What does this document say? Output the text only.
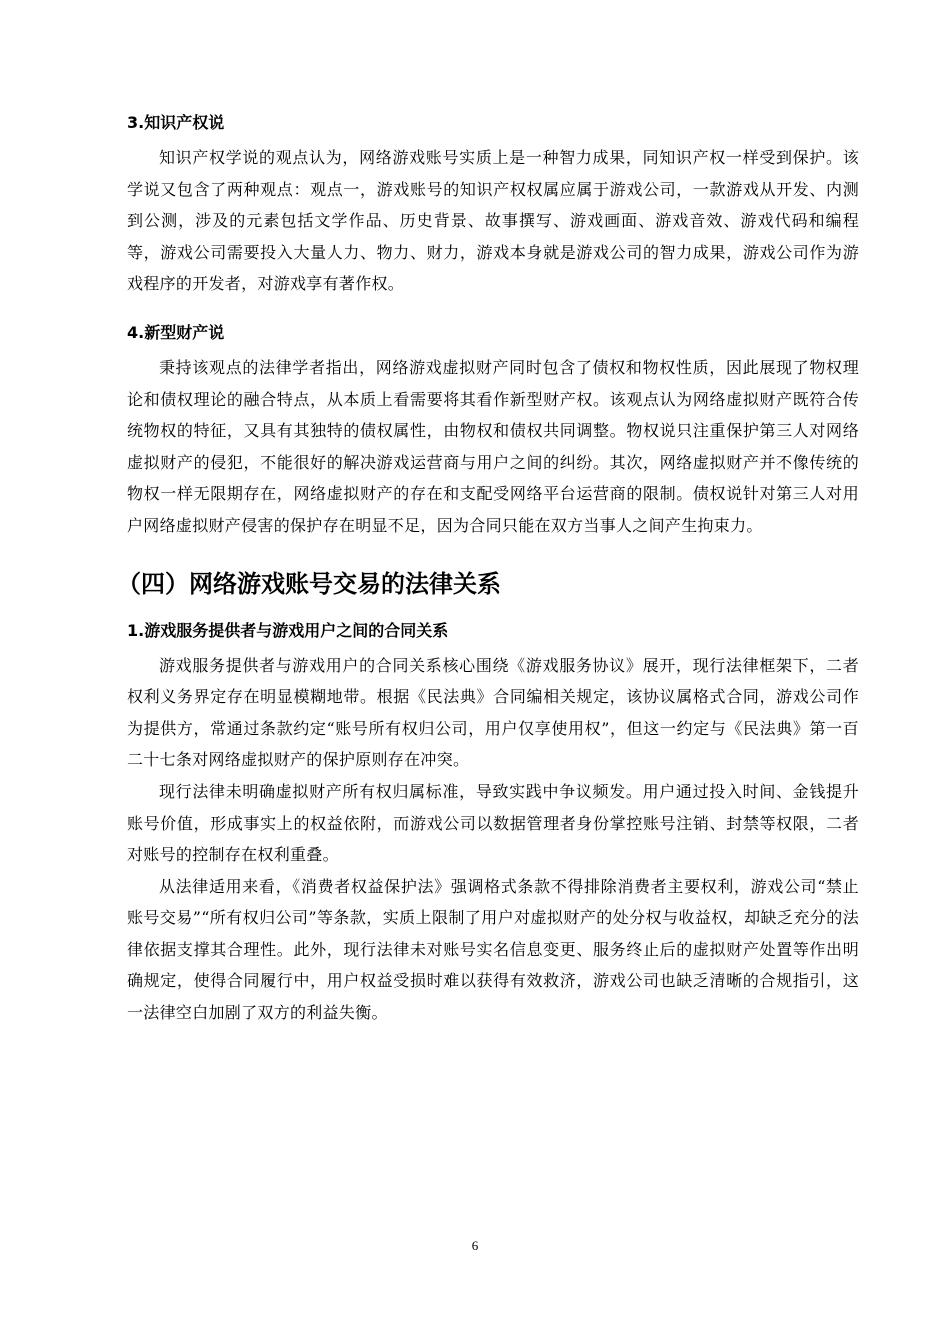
3.知识产权说

知识产权学说的观点认为，网络游戏账号实质上是一种智力成果，同知识产权一样受到保护。该学说又包含了两种观点：观点一，游戏账号的知识产权权属应属于游戏公司，一款游戏从开发、内测到公测，涉及的元素包括文学作品、历史背景、故事撰写、游戏画面、游戏音效、游戏代码和编程等，游戏公司需要投入大量人力、物力、财力，游戏本身就是游戏公司的智力成果，游戏公司作为游戏程序的开发者，对游戏享有著作权。

4.新型财产说

秉持该观点的法律学者指出，网络游戏虚拟财产同时包含了债权和物权性质，因此展现了物权理论和债权理论的融合特点，从本质上看需要将其看作新型财产权。该观点认为网络虚拟财产既符合传统物权的特征，又具有其独特的债权属性，由物权和债权共同调整。物权说只注重保护第三人对网络虚拟财产的侵犯，不能很好的解决游戏运营商与用户之间的纠纷。其次，网络虚拟财产并不像传统的物权一样无限期存在，网络虚拟财产的存在和支配受网络平台运营商的限制。债权说针对第三人对用户网络虚拟财产侵害的保护存在明显不足，因为合同只能在双方当事人之间产生拘束力。

（四）网络游戏账号交易的法律关系
1.游戏服务提供者与游戏用户之间的合同关系

游戏服务提供者与游戏用户的合同关系核心围绕《游戏服务协议》展开，现行法律框架下，二者权利义务界定存在明显模糊地带。根据《民法典》合同编相关规定，该协议属格式合同，游戏公司作为提供方，常通过条款约定“账号所有权归公司，用户仅享使用权”，但这一约定与《民法典》第一百二十七条对网络虚拟财产的保护原则存在冲突。

现行法律未明确虚拟财产所有权归属标准，导致实践中争议频发。用户通过投入时间、金钱提升账号价值，形成事实上的权益依附，而游戏公司以数据管理者身份掌控账号注销、封禁等权限，二者对账号的控制存在权利重叠。

从法律适用来看，《消费者权益保护法》强调格式条款不得排除消费者主要权利，游戏公司“禁止账号交易”“所有权归公司”等条款，实质上限制了用户对虚拟财产的处分权与收益权，却缺乏充分的法律依据支撑其合理性。此外，现行法律未对账号实名信息变更、服务终止后的虚拟财产处置等作出明确规定，使得合同履行中，用户权益受损时难以获得有效救济，游戏公司也缺乏清晰的合规指引，这一法律空白加剧了双方的利益失衡。

6
